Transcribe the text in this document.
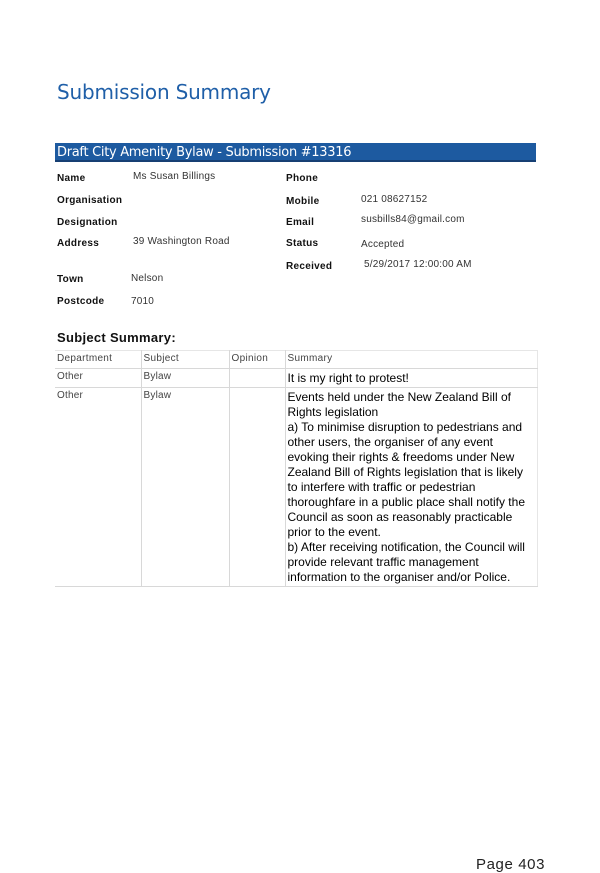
Submission Summary
Draft City Amenity Bylaw - Submission #13316
Name	Ms Susan Billings
Organisation
Designation
Address	39 Washington Road
Town	Nelson
Postcode	7010
Phone
Mobile	021 08627152
Email	susbills84@gmail.com
Status	Accepted
Received	5/29/2017 12:00:00 AM
Subject Summary:
Department	Subject	Opinion	Summary
Other	Bylaw		It is my right to protest!
Other	Bylaw		Events held under the New Zealand Bill of Rights legislation
a) To minimise disruption to pedestrians and other users, the organiser of any event evoking their rights & freedoms under New Zealand Bill of Rights legislation that is likely to interfere with traffic or pedestrian thoroughfare in a public place shall notify the Council as soon as reasonably practicable prior to the event.
b) After receiving notification, the Council will provide relevant traffic management information to the organiser and/or Police.
Page 403
